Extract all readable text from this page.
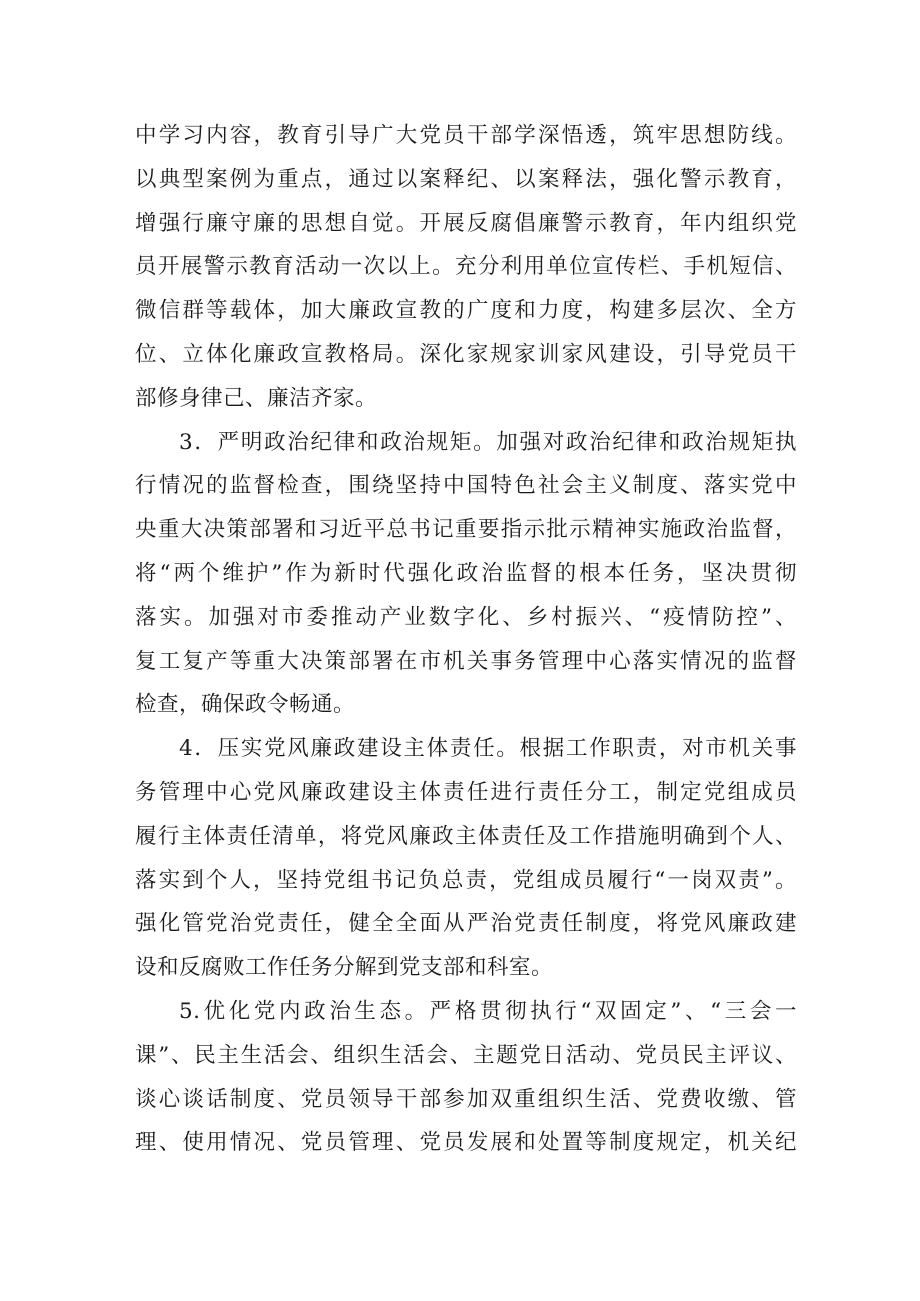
中学习内容，教育引导广大党员干部学深悟透，筑牢思想防线。
以典型案例为重点，通过以案释纪、以案释法，强化警示教育，
增强行廉守廉的思想自觉。开展反腐倡廉警示教育，年内组织党
员开展警示教育活动一次以上。充分利用单位宣传栏、手机短信、
微信群等载体，加大廉政宣教的广度和力度，构建多层次、全方
位、立体化廉政宣教格局。深化家规家训家风建设，引导党员干
部修身律己、廉洁齐家。
3．严明政治纪律和政治规矩。加强对政治纪律和政治规矩执
行情况的监督检查，围绕坚持中国特色社会主义制度、落实党中
央重大决策部署和习近平总书记重要指示批示精神实施政治监督，
将“两个维护”作为新时代强化政治监督的根本任务，坚决贯彻
落实。加强对市委推动产业数字化、乡村振兴、“疫情防控”、
复工复产等重大决策部署在市机关事务管理中心落实情况的监督
检查，确保政令畅通。
4．压实党风廉政建设主体责任。根据工作职责，对市机关事
务管理中心党风廉政建设主体责任进行责任分工，制定党组成员
履行主体责任清单，将党风廉政主体责任及工作措施明确到个人、
落实到个人，坚持党组书记负总责，党组成员履行“一岗双责”。
强化管党治党责任，健全全面从严治党责任制度，将党风廉政建
设和反腐败工作任务分解到党支部和科室。
5.优化党内政治生态。严格贯彻执行“双固定”、“三会一
课”、民主生活会、组织生活会、主题党日活动、党员民主评议、
谈心谈话制度、党员领导干部参加双重组织生活、党费收缴、管
理、使用情况、党员管理、党员发展和处置等制度规定，机关纪
